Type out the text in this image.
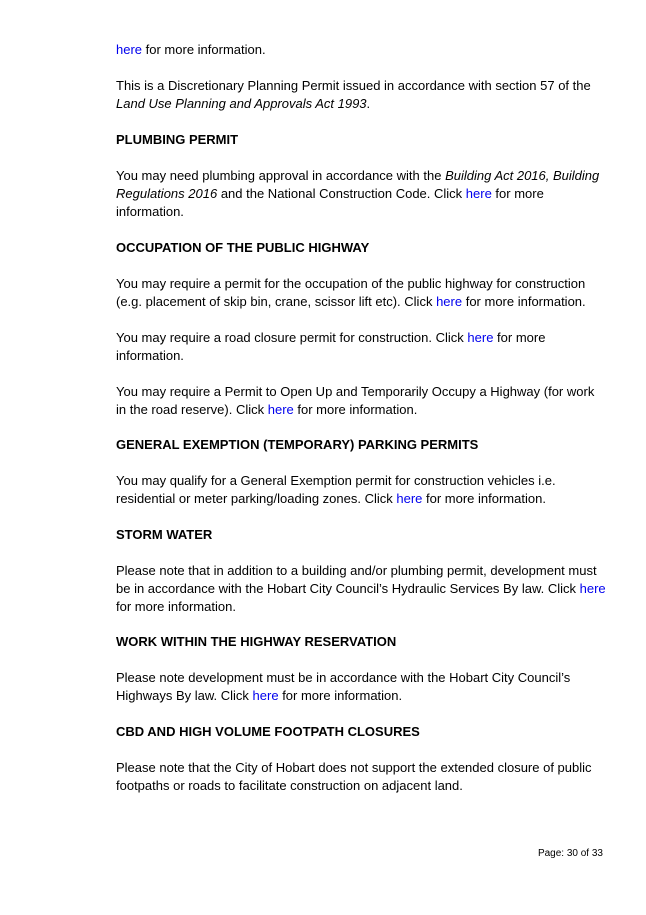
here for more information.

This is a Discretionary Planning Permit issued in accordance with section 57 of the Land Use Planning and Approvals Act 1993.

PLUMBING PERMIT

You may need plumbing approval in accordance with the Building Act 2016, Building Regulations 2016 and the National Construction Code. Click here for more information.

OCCUPATION OF THE PUBLIC HIGHWAY

You may require a permit for the occupation of the public highway for construction (e.g. placement of skip bin, crane, scissor lift etc). Click here for more information.

You may require a road closure permit for construction. Click here for more information.

You may require a Permit to Open Up and Temporarily Occupy a Highway (for work in the road reserve). Click here for more information.

GENERAL EXEMPTION (TEMPORARY) PARKING PERMITS

You may qualify for a General Exemption permit for construction vehicles i.e. residential or meter parking/loading zones. Click here for more information.

STORM WATER

Please note that in addition to a building and/or plumbing permit, development must be in accordance with the Hobart City Council’s Hydraulic Services By law. Click here for more information.

WORK WITHIN THE HIGHWAY RESERVATION

Please note development must be in accordance with the Hobart City Council’s Highways By law. Click here for more information.

CBD AND HIGH VOLUME FOOTPATH CLOSURES

Please note that the City of Hobart does not support the extended closure of public footpaths or roads to facilitate construction on adjacent land.

Page: 30 of 33
